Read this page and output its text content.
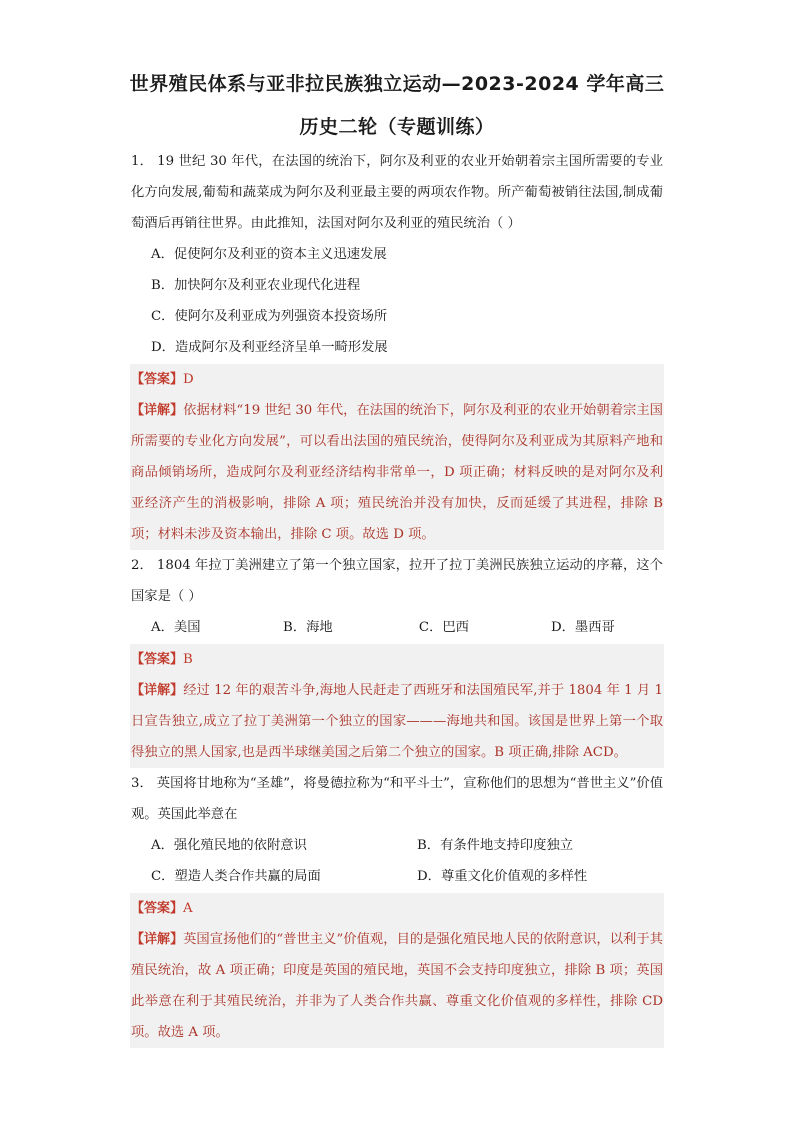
世界殖民体系与亚非拉民族独立运动—2023-2024 学年高三
历史二轮（专题训练）
1． 19 世纪 30 年代，在法国的统治下，阿尔及利亚的农业开始朝着宗主国所需要的专业化方向发展,葡萄和蔬菜成为阿尔及利亚最主要的两项农作物。所产葡萄被销往法国,制成葡萄酒后再销往世界。由此推知，法国对阿尔及利亚的殖民统治（ ）
A．促使阿尔及利亚的资本主义迅速发展
B．加快阿尔及利亚农业现代化进程
C．使阿尔及利亚成为列强资本投资场所
D．造成阿尔及利亚经济呈单一畸形发展
【答案】D
【详解】依据材料“19 世纪 30 年代，在法国的统治下，阿尔及利亚的农业开始朝着宗主国所需要的专业化方向发展”，可以看出法国的殖民统治，使得阿尔及利亚成为其原料产地和商品倾销场所，造成阿尔及利亚经济结构非常单一，D 项正确；材料反映的是对阿尔及利亚经济产生的消极影响，排除 A 项；殖民统治并没有加快，反而延缓了其进程，排除 B 项；材料未涉及资本输出，排除 C 项。故选 D 项。
2． 1804 年拉丁美洲建立了第一个独立国家，拉开了拉丁美洲民族独立运动的序幕，这个国家是（ ）
A．美国	B．海地	C．巴西	D．墨西哥
【答案】B
【详解】经过 12 年的艰苦斗争,海地人民赶走了西班牙和法国殖民军,并于 1804 年 1 月 1 日宣告独立,成立了拉丁美洲第一个独立的国家———海地共和国。该国是世界上第一个取得独立的黑人国家,也是西半球继美国之后第二个独立的国家。B 项正确,排除 ACD。
3． 英国将甘地称为“圣雄”，将曼德拉称为“和平斗士”，宣称他们的思想为“普世主义”价值观。英国此举意在
A．强化殖民地的依附意识	B．有条件地支持印度独立
C．塑造人类合作共赢的局面	D．尊重文化价值观的多样性
【答案】A
【详解】英国宣扬他们的“普世主义”价值观，目的是强化殖民地人民的依附意识，以利于其殖民统治，故 A 项正确；印度是英国的殖民地，英国不会支持印度独立，排除 B 项；英国此举意在利于其殖民统治，并非为了人类合作共赢、尊重文化价值观的多样性，排除 CD 项。故选 A 项。
